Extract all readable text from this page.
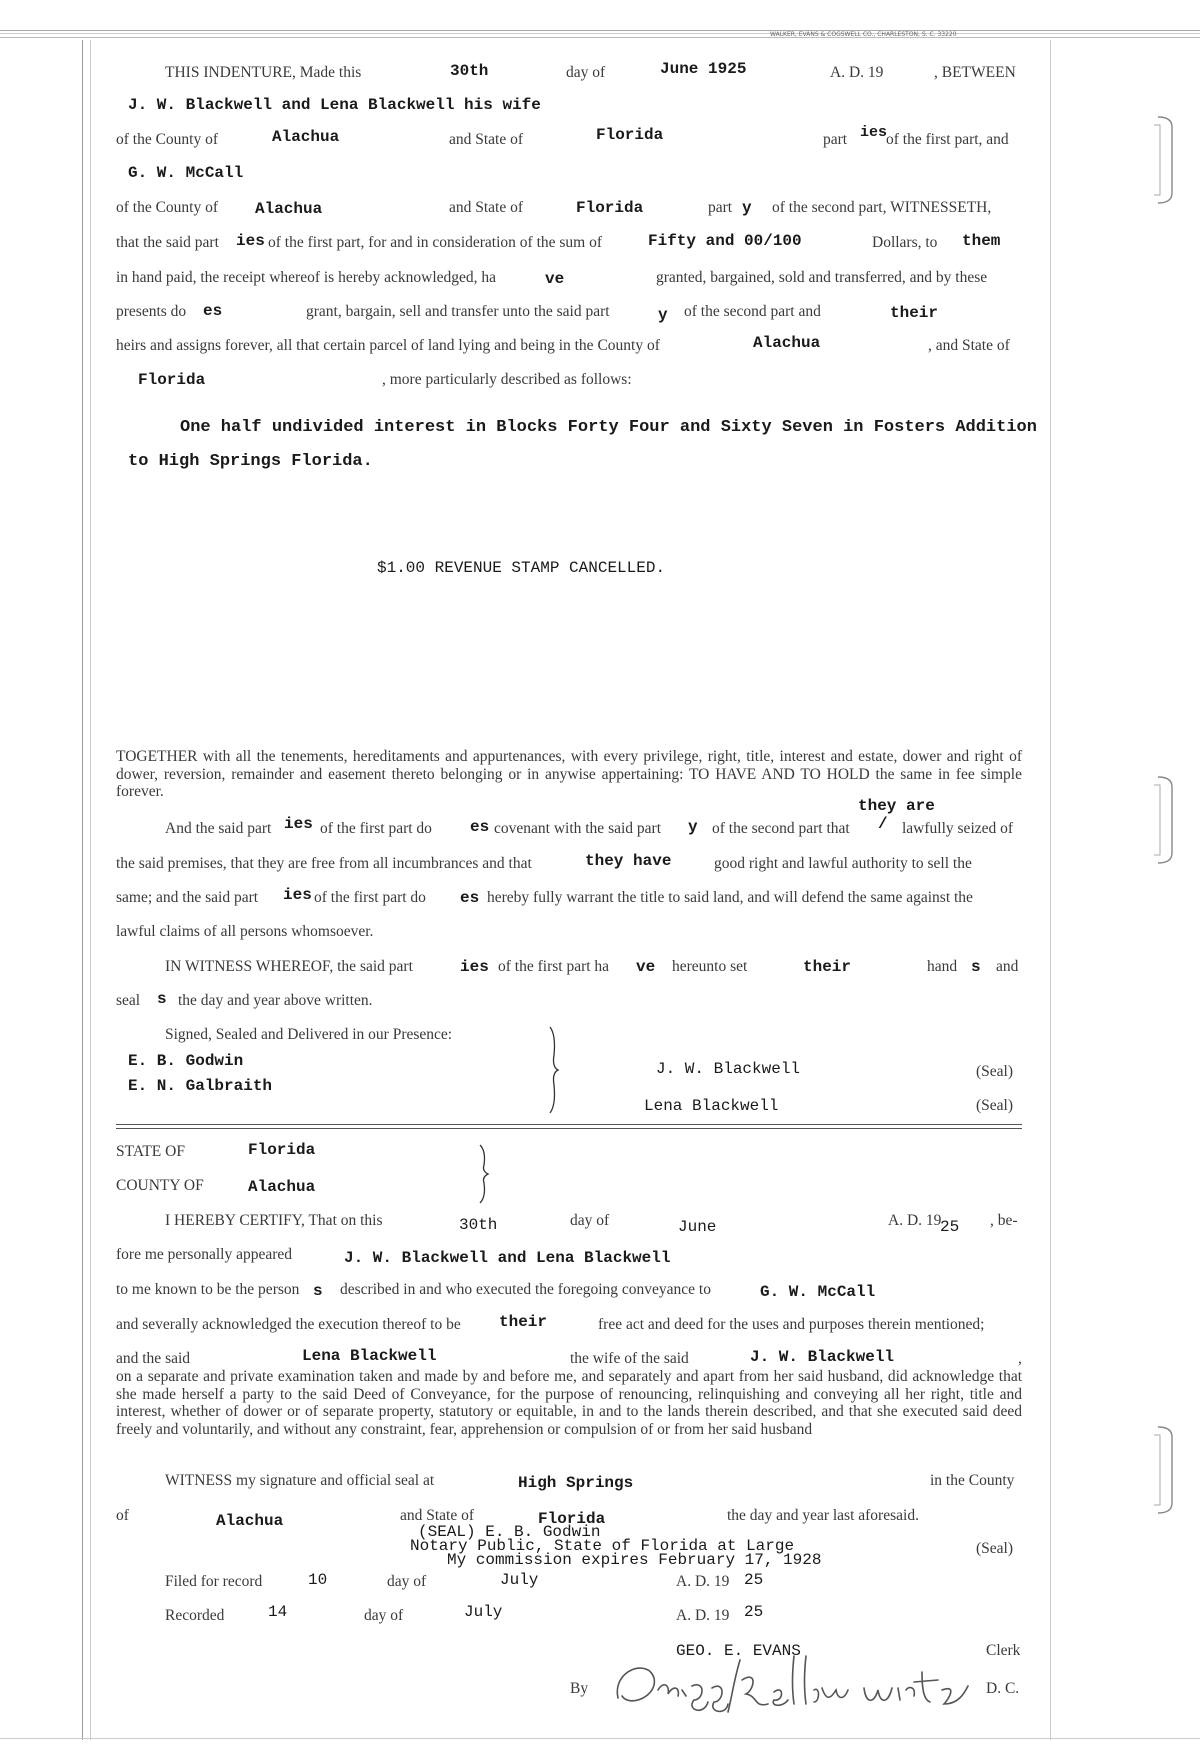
WALKER, EVANS & COGSWELL CO., CHARLESTON, S. C. 33220
THIS INDENTURE, Made this	30th	day of	June 1925	A. D. 19	, BETWEEN
J. W. Blackwell and Lena Blackwell his wife
of the County of	Alachua	and State of	Florida	part ies
of the first part, and
G. W. McCall
of the County of Alachua	and State of	Florida	part y of the second part, WITNESSETH,
that the said part ies of the first part, for and in consideration of the sum of	Fifty and 00/100	Dollars, to them
in hand paid, the receipt whereof is hereby acknowledged, ha	ve	granted, bargained, sold and transferred, and by these
presents do es	grant, bargain, sell and transfer unto the said part	y of the second part and	their
heirs and assigns forever, all that certain parcel of land lying and being in the County of	Alachua	, and State of
Florida	, more particularly described as follows:
One half undivided interest in Blocks Forty Four and Sixty Seven in Fosters Addition
to High Springs Florida.
$1.00 REVENUE STAMP CANCELLED.
TOGETHER with all the tenements, hereditaments and appurtenances, with every privilege, right, title, interest and estate, dower and right of dower, reversion, remainder and easement thereto belonging or in anywise appertaining: TO HAVE AND TO HOLD the same in fee simple forever.
they are
And the said part ies of the first part do es covenant with the said part y of the second part that / lawfully seized of
the said premises, that they are free from all incumbrances and that	they have	good right and lawful authority to sell the
same; and the said part ies of the first part do es hereby fully warrant the title to said land, and will defend the same against the
lawful claims of all persons whomsoever.
IN WITNESS WHEREOF, the said part	ies of the first part ha ve hereunto set	their	hand s and
seal s the day and year above written.
Signed, Sealed and Delivered in our Presence:
E. B. Godwin
E. N. Galbraith
J. W. Blackwell	(Seal)
Lena Blackwell	(Seal)
STATE OF	Florida
COUNTY OF	Alachua
I HEREBY CERTIFY, That on this	30th	day of	June	A. D. 19
25 , be-
fore me personally appeared	J. W. Blackwell and Lena Blackwell
to me known to be the person s described in and who executed the foregoing conveyance to	G. W. McCall
and severally acknowledged the execution thereof to be their	free act and deed for the uses and purposes therein mentioned;
and the said	Lena Blackwell	the wife of the said	J. W. Blackwell	,
on a separate and private examination taken and made by and before me, and separately and apart from her said husband, did acknowledge that she made herself a party to the said Deed of Conveyance, for the purpose of renouncing, relinquishing and conveying all her right, title and interest, whether of dower or of separate property, statutory or equitable, in and to the lands therein described, and that she executed said deed freely and voluntarily, and without any constraint, fear, apprehension or compulsion of or from her said husband
WITNESS my signature and official seal at	High Springs	in the County
of	Alachua	and State of	Florida	the day and year last aforesaid.
(SEAL) E. B. Godwin
Notary Public, State of Florida at Large
My commission expires February 17, 1928
(Seal)
Filed for record	10	day of	July	A. D. 19 25
Recorded	14	day of	July	A. D. 19 25
GEO. E. EVANS	Clerk
By	D. C.
